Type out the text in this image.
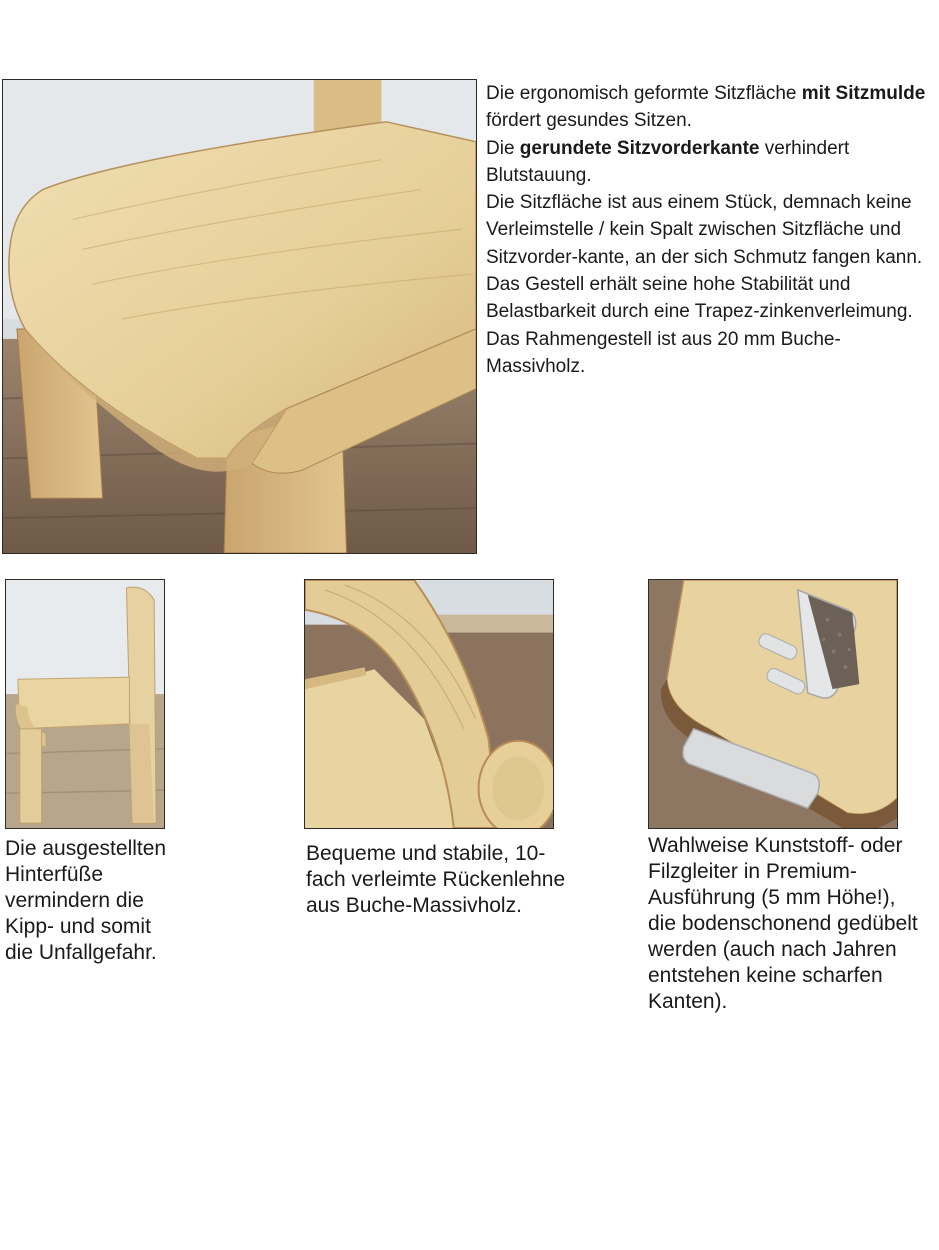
Die ergonomisch geformte Sitzfläche mit Sitzmulde fördert gesundes Sitzen.

Die gerundete Sitzvorderkante verhindert Blutstauung.

Die Sitzfläche ist aus einem Stück, demnach keine Verleimstelle / kein Spalt zwischen Sitzfläche und Sitzvorder-kante, an der sich Schmutz fangen kann.

Das Gestell erhält seine hohe Stabilität und Belastbarkeit durch eine Trapez-zinkenverleimung.

Das Rahmengestell ist aus 20 mm Buche-Massivholz.

Die ausgestellten Hinterfüße vermindern die Kipp- und somit die Unfallgefahr.

Bequeme und stabile, 10-fach verleimte Rückenlehne aus Buche-Massivholz.

Wahlweise Kunststoff- oder Filzgleiter in Premium-Ausführung (5 mm Höhe!), die bodenschonend gedübelt werden (auch nach Jahren entstehen keine scharfen Kanten).
